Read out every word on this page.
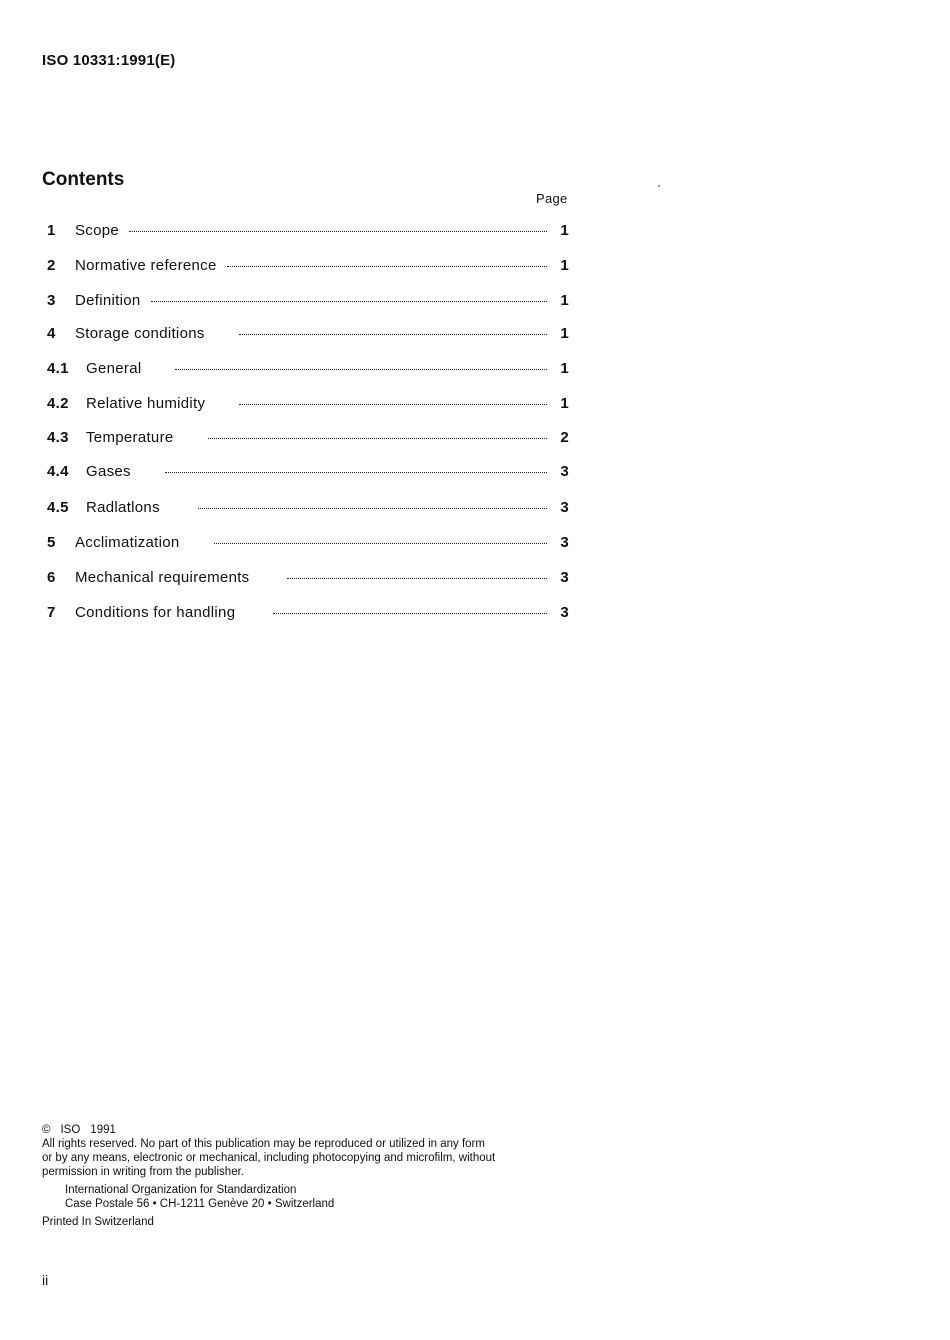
ISO 10331:1991(E)
Contents
Page
1	Scope	1
2	Normative reference	1
3	Definition	1
4	Storage conditions	1
4.1	General	1
4.2	Relative humidity	1
4.3	Temperature	2
4.4	Gases	3
4.5	Radlatlons	3
5	Acclimatization	3
6	Mechanical requirements	3
7	Conditions for handling	3

© ISO 1991

All rights reserved. No part of this publication may be reproduced or utilized in any form

or by any means, electronic or mechanical, including photocopying and microfilm, without

permission in writing from the publisher.

International Organization for Standardization

Case Postale 56 • CH-1211 Genève 20 • Switzerland

Printed In Switzerland

ii
